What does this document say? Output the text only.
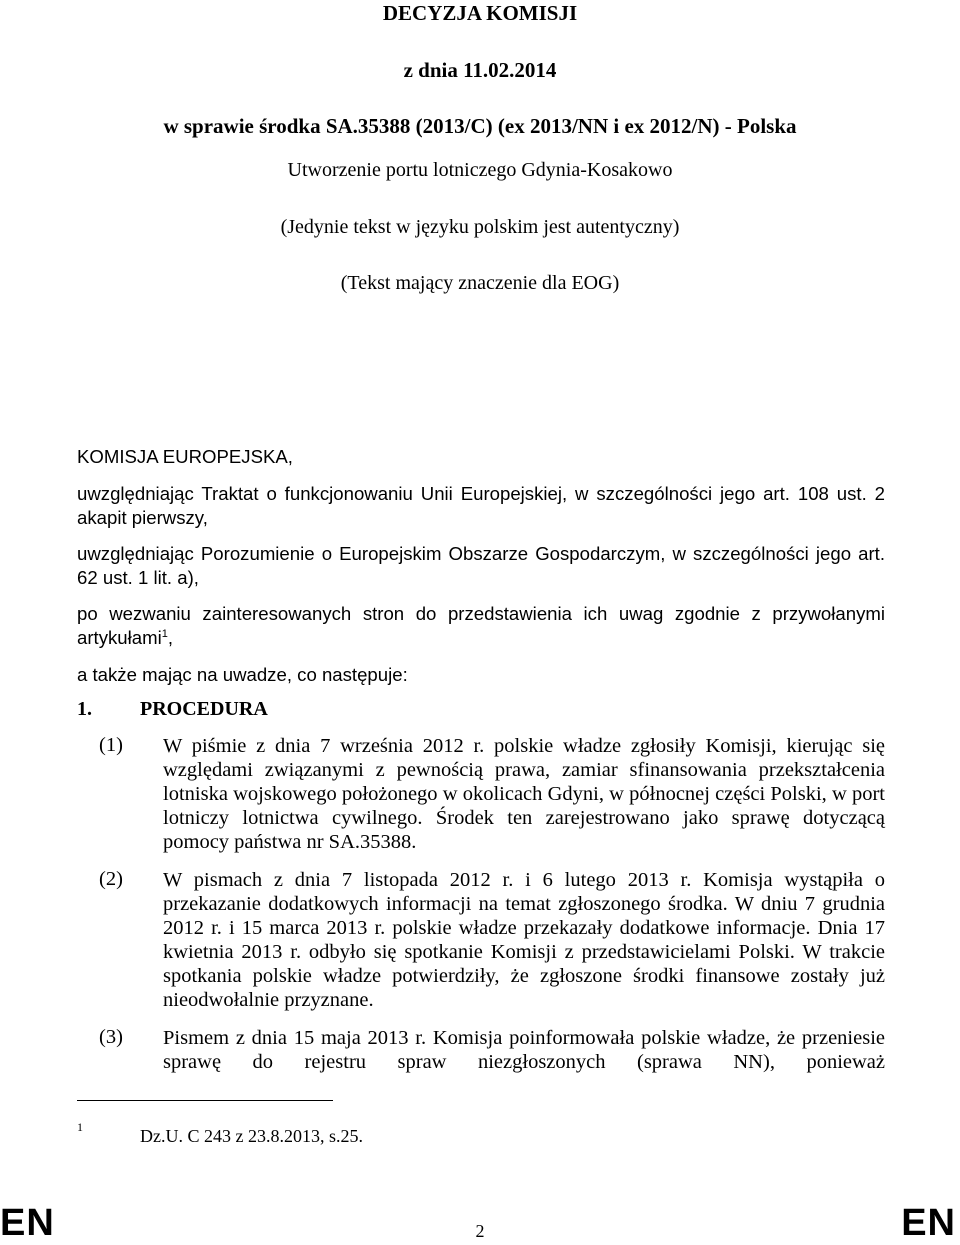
DECYZJA KOMISJI
z dnia 11.02.2014
w sprawie środka SA.35388 (2013/C) (ex 2013/NN i ex 2012/N) - Polska
Utworzenie portu lotniczego Gdynia-Kosakowo
(Jedynie tekst w języku polskim jest autentyczny)
(Tekst mający znaczenie dla EOG)
KOMISJA EUROPEJSKA,
uwzględniając Traktat o funkcjonowaniu Unii Europejskiej, w szczególności jego art. 108 ust. 2 akapit pierwszy,
uwzględniając Porozumienie o Europejskim Obszarze Gospodarczym, w szczególności jego art. 62 ust. 1 lit. a),
po wezwaniu zainteresowanych stron do przedstawienia ich uwag zgodnie z przywołanymi artykułami$^1$,
a także mając na uwadze, co następuje:
1. PROCEDURA
(1) W piśmie z dnia 7 września 2012 r. polskie władze zgłosiły Komisji, kierując się względami związanymi z pewnością prawa, zamiar sfinansowania przekształcenia lotniska wojskowego położonego w okolicach Gdyni, w północnej części Polski, w port lotniczy lotnictwa cywilnego. Środek ten zarejestrowano jako sprawę dotyczącą pomocy państwa nr SA.35388.
(2) W pismach z dnia 7 listopada 2012 r. i 6 lutego 2013 r. Komisja wystąpiła o przekazanie dodatkowych informacji na temat zgłoszonego środka. W dniu 7 grudnia 2012 r. i 15 marca 2013 r. polskie władze przekazały dodatkowe informacje. Dnia 17 kwietnia 2013 r. odbyło się spotkanie Komisji z przedstawicielami Polski. W trakcie spotkania polskie władze potwierdziły, że zgłoszone środki finansowe zostały już nieodwołalnie przyznane.
(3) Pismem z dnia 15 maja 2013 r. Komisja poinformowała polskie władze, że przeniesie sprawę do rejestru spraw niezgłoszonych (sprawa NN), ponieważ
1	Dz.U. C 243 z 23.8.2013, s.25.
EN	2	EN
